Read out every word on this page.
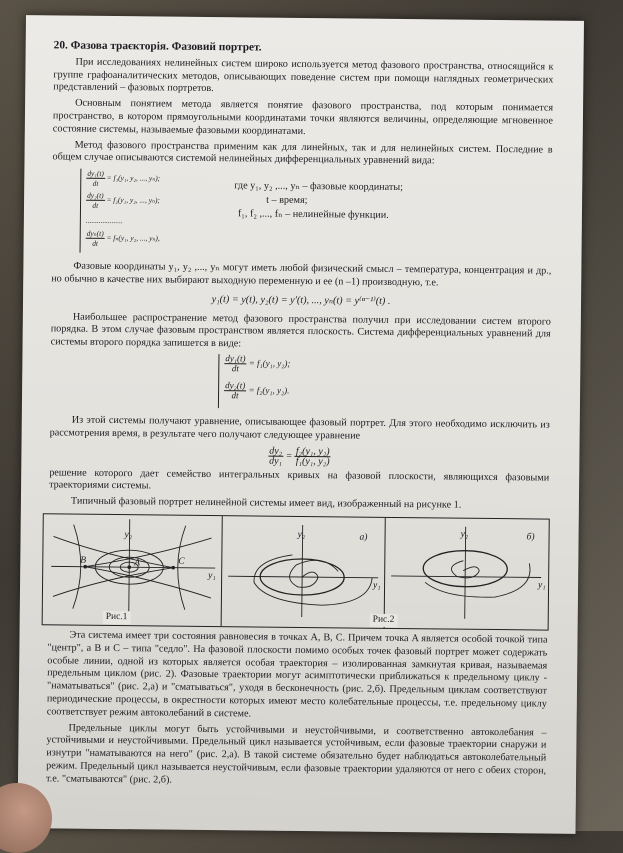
20. Фазова траєкторія. Фазовий портрет.

При исследованиях нелинейных систем широко используется метод фазового пространства, относящийся к группе графоаналитических методов, описывающих поведение систем при помощи наглядных геометрических представлений – фазовых портретов.

Основным понятием метода является понятие фазового пространства, под которым понимается пространство, в котором прямоугольными координатами точки являются величины, определяющие мгновенное состояние системы, называемые фазовыми координатами.

Метод фазового пространства применим как для линейных, так и для нелинейных систем. Последние в общем случае описываются системой нелинейных дифференциальных уравнений вида:

$\frac{\text{dy₁(t)}}{dt} = f_1(y_1$, y₂, ..., yₙ);
$\frac{\text{dy₂(t)}}{dt} = f_2(y_1$, y₂, ..., yₙ);
....................
$\frac{\text{dyₙ(t)}}{dt} = f_n(y_1$, y₂, ..., yₙ),
где y₁, y₂ ,..., yₙ – фазовые координаты;
t – время;
f₁, f₂ ,..., fₙ – нелинейные функции.

Фазовые координаты y₁, y₂ ,..., yₙ могут иметь любой физический смысл – температура, концентрация и др., но обычно в качестве них выбирают выходную переменную и ее (n –1) производную, т.е.

y₁(t) = y(t), y₂(t) = y′(t), ..., yₙ(t) = y⁽ⁿ⁻¹⁾(t) .

Наибольшее распространение метод фазового пространства получил при исследовании систем второго порядка. В этом случае фазовым пространством является плоскость. Система дифференциальных уравнений для системы второго порядка запишется в виде:

$\frac{\text{dy₁(t)}}{dt} = f_1(y_1$, y₂);
$\frac{\text{dy₂(t)}}{dt} = f_2(y_1$, y₂).

Из этой системы получают уравнение, описывающее фазовый портрет. Для этого необходимо исключить из рассмотрения время, в результате чего получают следующее уравнение

$\frac{\text{dy₂}}{\text{dy₁}} = \frac{\text{f₂(y₁, y₂)}}{\text{f₁(y₁, y₂)}}$

решение которого дает семейство интегральных кривых на фазовой плоскости, являющихся фазовыми траекториями системы.

Типичный фазовый портрет нелинейной системы имеет вид, изображенный на рисунке 1.

y₂
y₁
A
B	C
Рис.1
а)
y₂
y₁
Рис.2
б)
y₂
y₁

Эта система имеет три состояния равновесия в точках A, B, C. Причем точка A является особой точкой типа "центр", а B и C – типа "седло". На фазовой плоскости помимо особых точек фазовый портрет может содержать особые линии, одной из которых является особая траектория – изолированная замкнутая кривая, называемая предельным циклом (рис. 2). Фазовые траектории могут асимптотически приближаться к предельному циклу - "наматываться" (рис. 2,а) и "сматываться", уходя в бесконечность (рис. 2,б). Предельным циклам соответствуют периодические процессы, в окрестности которых имеют место колебательные процессы, т.е. предельному циклу соответствует режим автоколебаний в системе.

Предельные циклы могут быть устойчивыми и неустойчивыми, и соответственно автоколебания – устойчивыми и неустойчивыми. Предельный цикл называется устойчивым, если фазовые траектории снаружи и изнутри "наматываются на него" (рис. 2,а). В такой системе обязательно будет наблюдаться автоколебательный режим. Предельный цикл называется неустойчивым, если фазовые траектории удаляются от него с обеих сторон, т.е. "сматываются" (рис. 2,б).
